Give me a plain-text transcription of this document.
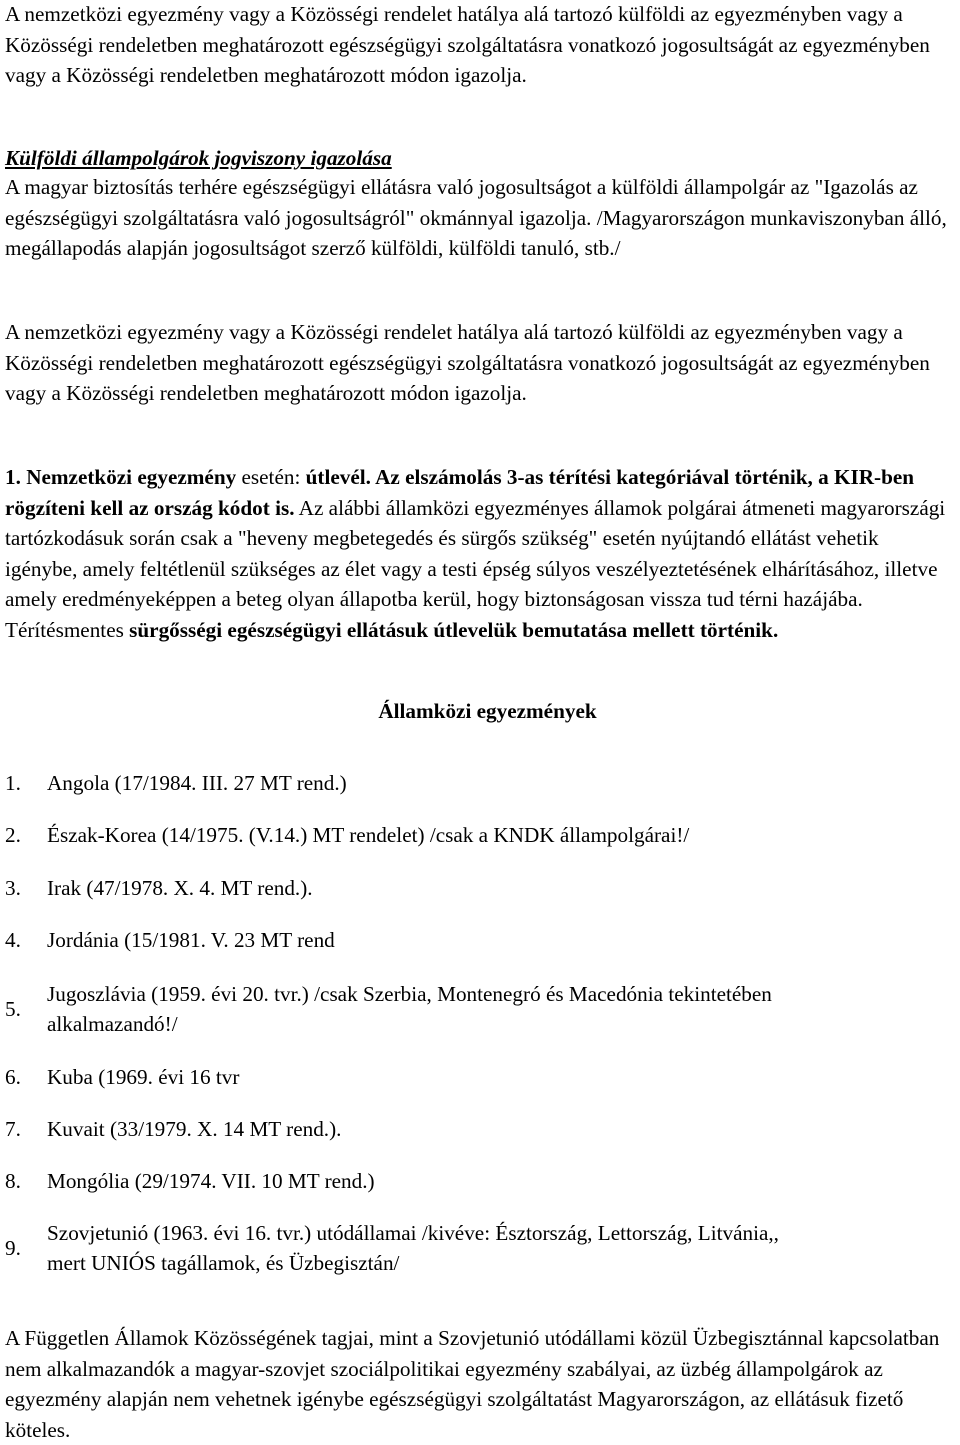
A nemzetközi egyezmény vagy a Közösségi rendelet hatálya alá tartozó külföldi az egyezményben vagy a Közösségi rendeletben meghatározott egészségügyi szolgáltatásra vonatkozó jogosultságát az egyezményben vagy a Közösségi rendeletben meghatározott módon igazolja.

Külföldi állampolgárok jogviszony igazolása

A magyar biztosítás terhére egészségügyi ellátásra való jogosultságot a külföldi állampolgár az "Igazolás az egészségügyi szolgáltatásra való jogosultságról" okmánnyal igazolja. /Magyarországon munkaviszonyban álló, megállapodás alapján jogosultságot szerző külföldi, külföldi tanuló, stb./

A nemzetközi egyezmény vagy a Közösségi rendelet hatálya alá tartozó külföldi az egyezményben vagy a Közösségi rendeletben meghatározott egészségügyi szolgáltatásra vonatkozó jogosultságát az egyezményben vagy a Közösségi rendeletben meghatározott módon igazolja.

1. Nemzetközi egyezmény esetén: útlevél. Az elszámolás 3-as térítési kategóriával történik, a KIR-ben rögzíteni kell az ország kódot is. Az alábbi államközi egyezményes államok polgárai átmeneti magyarországi tartózkodásuk során csak a "heveny megbetegedés és sürgős szükség" esetén nyújtandó ellátást vehetik igénybe, amely feltétlenül szükséges az élet vagy a testi épség súlyos veszélyeztetésének elhárításához, illetve amely eredményeképpen a beteg olyan állapotba kerül, hogy biztonságosan vissza tud térni hazájába. Térítésmentes sürgősségi egészségügyi ellátásuk útlevelük bemutatása mellett történik.

Államközi egyezmények
1. Angola (17/1984. III. 27 MT rend.)
2. Észak-Korea (14/1975. (V.14.) MT rendelet) /csak a KNDK állampolgárai!/
3. Irak (47/1978. X. 4. MT rend.).
4. Jordánia (15/1981. V. 23 MT rend
5.
Jugoszlávia (1959. évi 20. tvr.) /csak Szerbia, Montenegró és Macedónia tekintetében
alkalmazandó!/
6. Kuba (1969. évi 16 tvr
7. Kuvait (33/1979. X. 14 MT rend.).
8. Mongólia (29/1974. VII. 10 MT rend.)
9.
Szovjetunió (1963. évi 16. tvr.) utódállamai /kivéve: Észtország, Lettország, Litvánia,,
mert UNIÓS tagállamok, és Üzbegisztán/

A Független Államok Közösségének tagjai, mint a Szovjetunió utódállami közül Üzbegisztánnal kapcsolatban nem alkalmazandók a magyar-szovjet szociálpolitikai egyezmény szabályai, az üzbég állampolgárok az egyezmény alapján nem vehetnek igénybe egészségügyi szolgáltatást Magyarországon, az ellátásuk fizető köteles.
